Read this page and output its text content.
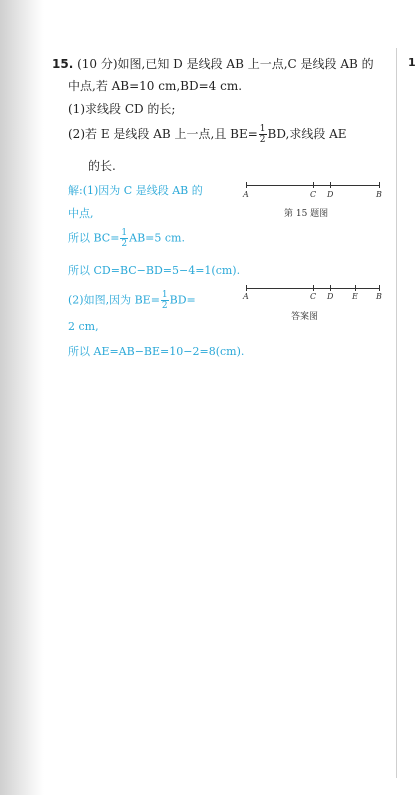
1
15. (10 分)如图,已知 D 是线段 AB 上一点,C 是线段 AB 的
中点,若 AB=10 cm,BD=4 cm.
(1)求线段 CD 的长;
(2)若 E 是线段 AB 上一点,且 $BE= \frac{1}{2}$ BD,求线段 AE
的长.
A	C D	B
第 15 题图
A	C D E B
答案图
解:(1)因为 C 是线段 AB 的
中点,
所以 $BC= \frac{1}{2} AB=5$ cm.
所以 CD=BC−BD=5−4=1(cm).
(2)如图,因为 $BE= \frac{1}{2} BD=$
2 cm,
所以 AE=AB−BE=10−2=8(cm).
